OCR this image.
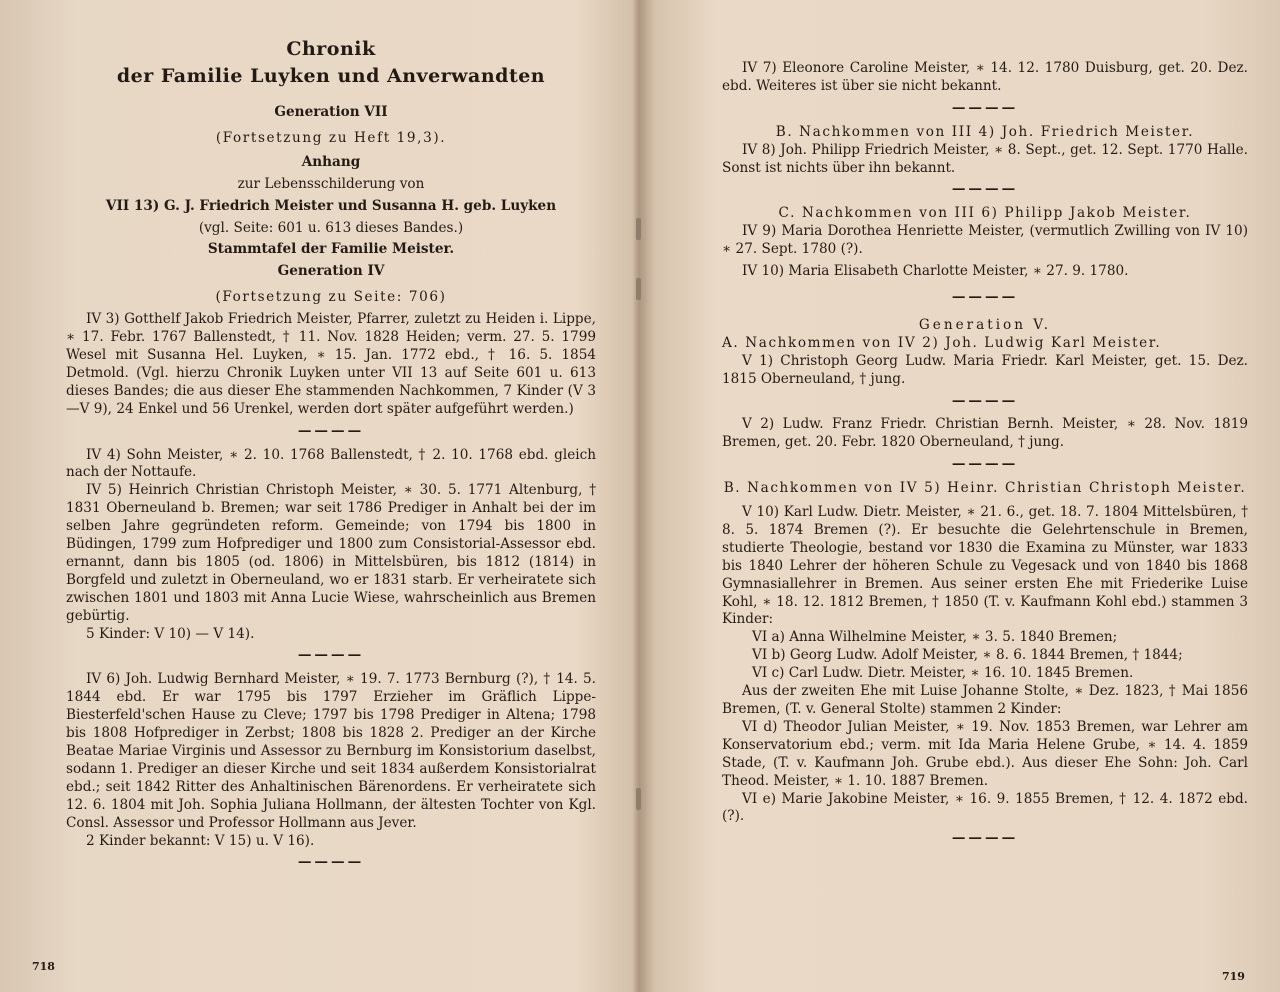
Chronik
der Familie Luyken und Anverwandten

Generation VII

(Fortsetzung zu Heft 19,3).

Anhang

zur Lebensschilderung von

VII 13) G. J. Friedrich Meister und Susanna H. geb. Luyken

(vgl. Seite: 601 u. 613 dieses Bandes.)

Stammtafel der Familie Meister.

Generation IV

(Fortsetzung zu Seite: 706)

IV 3) Gotthelf Jakob Friedrich Meister, Pfarrer, zuletzt zu Heiden i. Lippe, ∗ 17. Febr. 1767 Ballenstedt, † 11. Nov. 1828 Heiden; verm. 27. 5. 1799 Wesel mit Susanna Hel. Luyken, ∗ 15. Jan. 1772 ebd., † 16. 5. 1854 Detmold. (Vgl. hierzu Chronik Luyken unter VII 13 auf Seite 601 u. 613 dieses Bandes; die aus dieser Ehe stammenden Nachkommen, 7 Kinder (V 3—V 9), 24 Enkel und 56 Urenkel, werden dort später aufgeführt werden.)

————

IV 4) Sohn Meister, ∗ 2. 10. 1768 Ballenstedt, † 2. 10. 1768 ebd. gleich nach der Nottaufe.

IV 5) Heinrich Christian Christoph Meister, ∗ 30. 5. 1771 Altenburg, † 1831 Oberneuland b. Bremen; war seit 1786 Prediger in Anhalt bei der im selben Jahre gegründeten reform. Gemeinde; von 1794 bis 1800 in Büdingen, 1799 zum Hofprediger und 1800 zum Consistorial-Assessor ebd. ernannt, dann bis 1805 (od. 1806) in Mittelsbüren, bis 1812 (1814) in Borgfeld und zuletzt in Oberneuland, wo er 1831 starb. Er verheiratete sich zwischen 1801 und 1803 mit Anna Lucie Wiese, wahrscheinlich aus Bremen gebürtig.

5 Kinder: V 10) — V 14).

————

IV 6) Joh. Ludwig Bernhard Meister, ∗ 19. 7. 1773 Bernburg (?), † 14. 5. 1844 ebd. Er war 1795 bis 1797 Erzieher im Gräflich Lippe-Biesterfeld'schen Hause zu Cleve; 1797 bis 1798 Prediger in Altena; 1798 bis 1808 Hofprediger in Zerbst; 1808 bis 1828 2. Prediger an der Kirche Beatae Mariae Virginis und Assessor zu Bernburg im Konsistorium daselbst, sodann 1. Prediger an dieser Kirche und seit 1834 außerdem Konsistorialrat ebd.; seit 1842 Ritter des Anhaltinischen Bärenordens. Er verheiratete sich 12. 6. 1804 mit Joh. Sophia Juliana Hollmann, der ältesten Tochter von Kgl. Consl. Assessor und Professor Hollmann aus Jever.

2 Kinder bekannt: V 15) u. V 16).

————
718

IV 7) Eleonore Caroline Meister, ∗ 14. 12. 1780 Duisburg, get. 20. Dez. ebd. Weiteres ist über sie nicht bekannt.

————

B. Nachkommen von III 4) Joh. Friedrich Meister.

IV 8) Joh. Philipp Friedrich Meister, ∗ 8. Sept., get. 12. Sept. 1770 Halle. Sonst ist nichts über ihn bekannt.

————

C. Nachkommen von III 6) Philipp Jakob Meister.

IV 9) Maria Dorothea Henriette Meister, (vermutlich Zwilling von IV 10) ∗ 27. Sept. 1780 (?).

IV 10) Maria Elisabeth Charlotte Meister, ∗ 27. 9. 1780.

————

Generation V.

A. Nachkommen von IV 2) Joh. Ludwig Karl Meister.

V 1) Christoph Georg Ludw. Maria Friedr. Karl Meister, get. 15. Dez. 1815 Oberneuland, † jung.

————

V 2) Ludw. Franz Friedr. Christian Bernh. Meister, ∗ 28. Nov. 1819 Bremen, get. 20. Febr. 1820 Oberneuland, † jung.

————

B. Nachkommen von IV 5) Heinr. Christian Christoph Meister.

V 10) Karl Ludw. Dietr. Meister, ∗ 21. 6., get. 18. 7. 1804 Mittelsbüren, † 8. 5. 1874 Bremen (?). Er besuchte die Gelehrtenschule in Bremen, studierte Theologie, bestand vor 1830 die Examina zu Münster, war 1833 bis 1840 Lehrer der höheren Schule zu Vegesack und von 1840 bis 1868 Gymnasiallehrer in Bremen. Aus seiner ersten Ehe mit Friederike Luise Kohl, ∗ 18. 12. 1812 Bremen, † 1850 (T. v. Kaufmann Kohl ebd.) stammen 3 Kinder:

VI a) Anna Wilhelmine Meister, ∗ 3. 5. 1840 Bremen;

VI b) Georg Ludw. Adolf Meister, ∗ 8. 6. 1844 Bremen, † 1844;

VI c) Carl Ludw. Dietr. Meister, ∗ 16. 10. 1845 Bremen.

Aus der zweiten Ehe mit Luise Johanne Stolte, ∗ Dez. 1823, † Mai 1856 Bremen, (T. v. General Stolte) stammen 2 Kinder:

VI d) Theodor Julian Meister, ∗ 19. Nov. 1853 Bremen, war Lehrer am Konservatorium ebd.; verm. mit Ida Maria Helene Grube, ∗ 14. 4. 1859 Stade, (T. v. Kaufmann Joh. Grube ebd.). Aus dieser Ehe Sohn: Joh. Carl Theod. Meister, ∗ 1. 10. 1887 Bremen.

VI e) Marie Jakobine Meister, ∗ 16. 9. 1855 Bremen, † 12. 4. 1872 ebd. (?).

————
719
